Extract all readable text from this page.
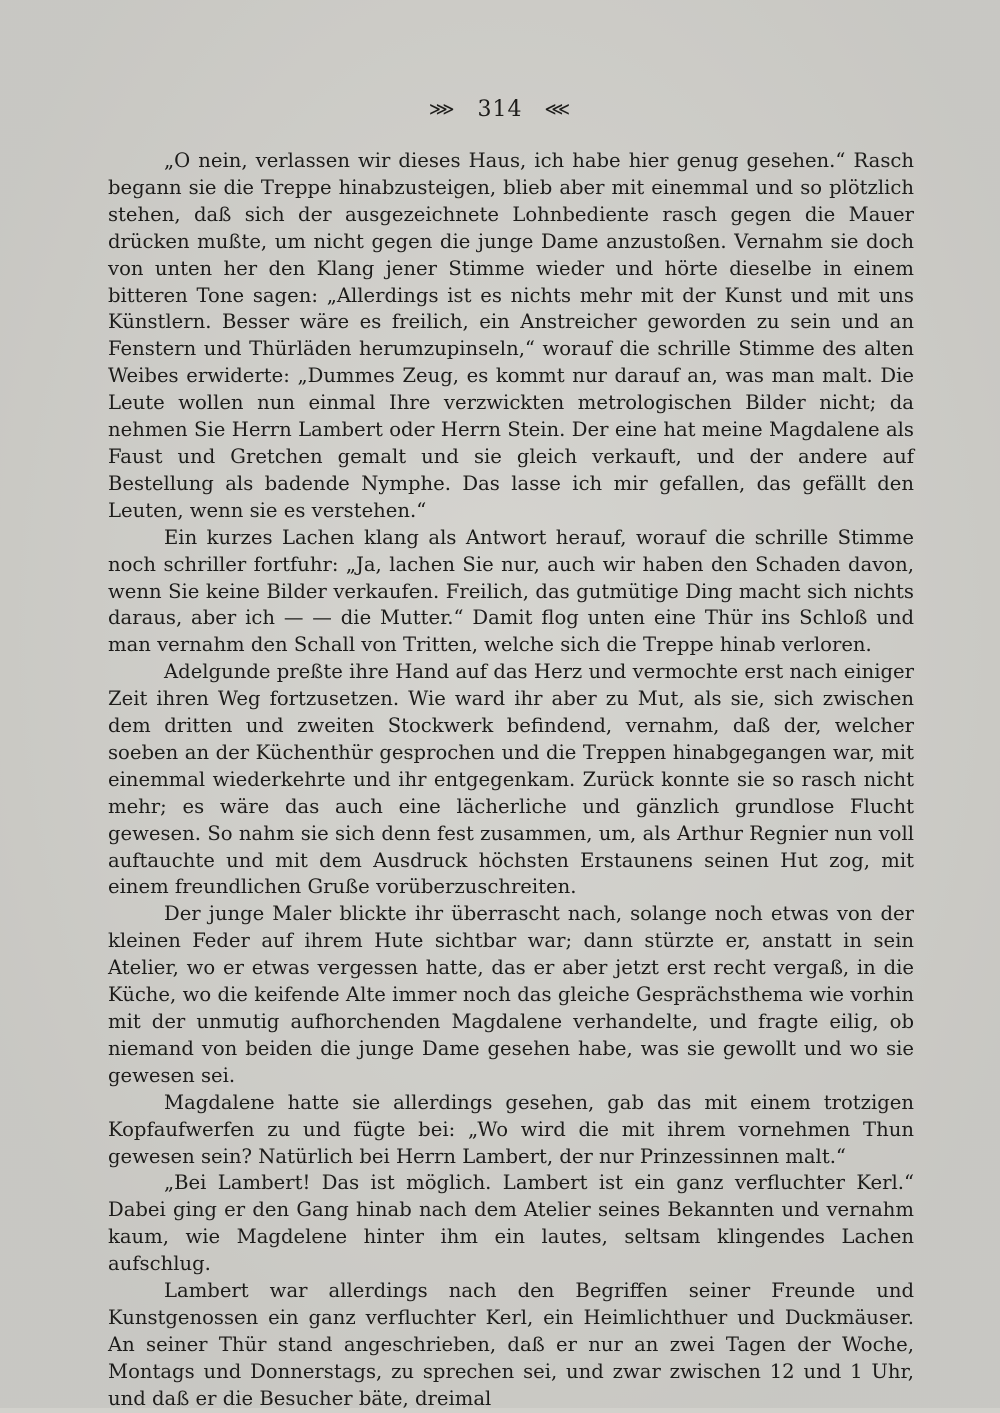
⋙ 314 ⋘

„O nein, verlassen wir dieses Haus, ich habe hier genug gesehen.“ Rasch begann sie die Treppe hinabzusteigen, blieb aber mit einemmal und so plötzlich stehen, daß sich der ausgezeichnete Lohnbediente rasch gegen die Mauer drücken mußte, um nicht gegen die junge Dame anzustoßen. Vernahm sie doch von unten her den Klang jener Stimme wieder und hörte dieselbe in einem bitteren Tone sagen: „Allerdings ist es nichts mehr mit der Kunst und mit uns Künstlern. Besser wäre es freilich, ein Anstreicher geworden zu sein und an Fenstern und Thürläden herumzupinseln,“ worauf die schrille Stimme des alten Weibes erwiderte: „Dummes Zeug, es kommt nur darauf an, was man malt. Die Leute wollen nun einmal Ihre verzwickten metrologischen Bilder nicht; da nehmen Sie Herrn Lambert oder Herrn Stein. Der eine hat meine Magdalene als Faust und Gretchen gemalt und sie gleich verkauft, und der andere auf Bestellung als badende Nymphe. Das lasse ich mir gefallen, das gefällt den Leuten, wenn sie es verstehen.“

Ein kurzes Lachen klang als Antwort herauf, worauf die schrille Stimme noch schriller fortfuhr: „Ja, lachen Sie nur, auch wir haben den Schaden davon, wenn Sie keine Bilder verkaufen. Freilich, das gutmütige Ding macht sich nichts daraus, aber ich — — die Mutter.“ Damit flog unten eine Thür ins Schloß und man vernahm den Schall von Tritten, welche sich die Treppe hinab verloren.

Adelgunde preßte ihre Hand auf das Herz und vermochte erst nach einiger Zeit ihren Weg fortzusetzen. Wie ward ihr aber zu Mut, als sie, sich zwischen dem dritten und zweiten Stockwerk befindend, vernahm, daß der, welcher soeben an der Küchenthür gesprochen und die Treppen hinabgegangen war, mit einemmal wiederkehrte und ihr entgegenkam. Zurück konnte sie so rasch nicht mehr; es wäre das auch eine lächerliche und gänzlich grundlose Flucht gewesen. So nahm sie sich denn fest zusammen, um, als Arthur Regnier nun voll auftauchte und mit dem Ausdruck höchsten Erstaunens seinen Hut zog, mit einem freundlichen Gruße vorüberzuschreiten.

Der junge Maler blickte ihr überrascht nach, solange noch etwas von der kleinen Feder auf ihrem Hute sichtbar war; dann stürzte er, anstatt in sein Atelier, wo er etwas vergessen hatte, das er aber jetzt erst recht vergaß, in die Küche, wo die keifende Alte immer noch das gleiche Gesprächsthema wie vorhin mit der unmutig aufhorchenden Magdalene verhandelte, und fragte eilig, ob niemand von beiden die junge Dame gesehen habe, was sie gewollt und wo sie gewesen sei.

Magdalene hatte sie allerdings gesehen, gab das mit einem trotzigen Kopfaufwerfen zu und fügte bei: „Wo wird die mit ihrem vornehmen Thun gewesen sein? Natürlich bei Herrn Lambert, der nur Prinzessinnen malt.“

„Bei Lambert! Das ist möglich. Lambert ist ein ganz verfluchter Kerl.“ Dabei ging er den Gang hinab nach dem Atelier seines Bekannten und vernahm kaum, wie Magdelene hinter ihm ein lautes, seltsam klingendes Lachen aufschlug.

Lambert war allerdings nach den Begriffen seiner Freunde und Kunstgenossen ein ganz verfluchter Kerl, ein Heimlichthuer und Duckmäuser. An seiner Thür stand angeschrieben, daß er nur an zwei Tagen der Woche, Montags und Donnerstags, zu sprechen sei, und zwar zwischen 12 und 1 Uhr, und daß er die Besucher bäte, dreimal
